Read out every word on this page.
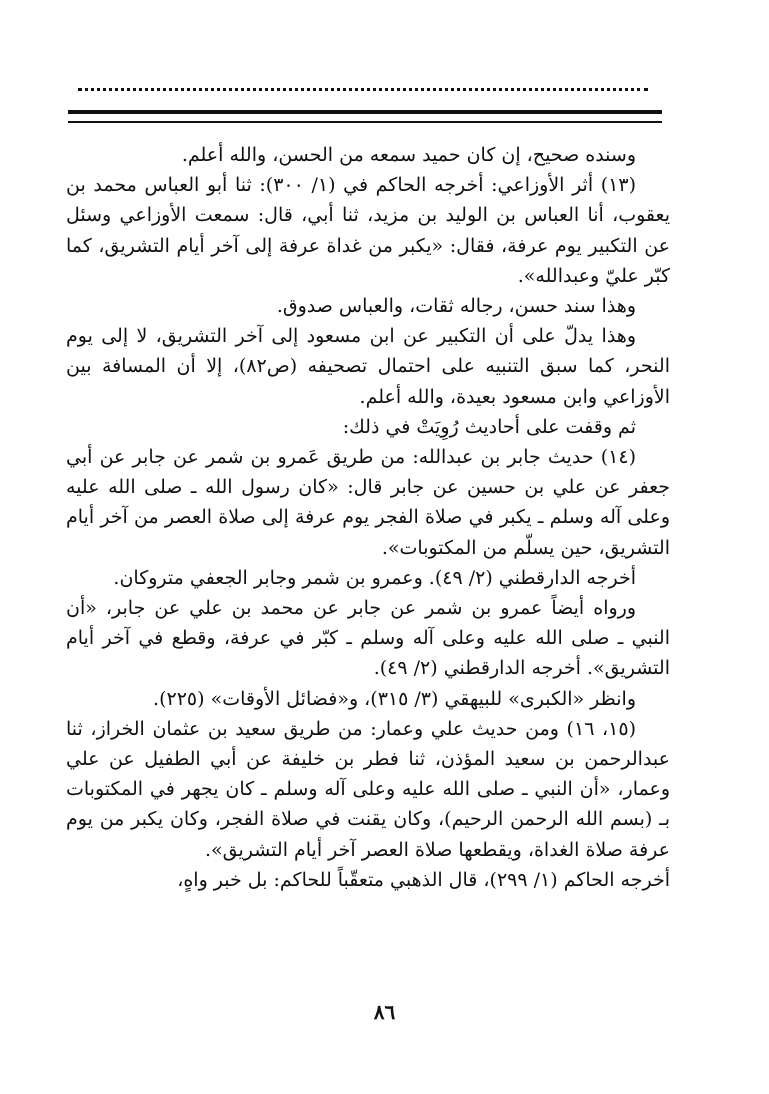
وسنده صحيح، إن كان حميد سمعه من الحسن، والله أعلم.

(١٣) أثر الأوزاعي: أخرجه الحاكم في (١/ ٣٠٠): ثنا أبو العباس محمد بن يعقوب، أنا العباس بن الوليد بن مزيد، ثنا أبي، قال: سمعت الأوزاعي وسئل عن التكبير يوم عرفة، فقال: «يكبر من غداة عرفة إلى آخر أيام التشريق، كما كبّر عليّ وعبدالله».

وهذا سند حسن، رجاله ثقات، والعباس صدوق.

وهذا يدلّ على أن التكبير عن ابن مسعود إلى آخر التشريق، لا إلى يوم النحر، كما سبق التنبيه على احتمال تصحيفه (ص٨٢)، إلا أن المسافة بين الأوزاعي وابن مسعود بعيدة، والله أعلم.

ثم وقفت على أحاديث رُوِيَتْ في ذلك:

(١٤) حديث جابر بن عبدالله: من طريق عَمرو بن شمر عن جابر عن أبي جعفر عن علي بن حسين عن جابر قال: «كان رسول الله ـ صلى الله عليه وعلى آله وسلم ـ يكبر في صلاة الفجر يوم عرفة إلى صلاة العصر من آخر أيام التشريق، حين يسلّم من المكتوبات».

أخرجه الدارقطني (٢/ ٤٩). وعمرو بن شمر وجابر الجعفي متروكان.

ورواه أيضاً عمرو بن شمر عن جابر عن محمد بن علي عن جابر، «أن النبي ـ صلى الله عليه وعلى آله وسلم ـ كبّر في عرفة، وقطع في آخر أيام التشريق». أخرجه الدارقطني (٢/ ٤٩).

وانظر «الكبرى» للبيهقي (٣/ ٣١٥)، و«فضائل الأوقات» (٢٢٥).

(١٥، ١٦) ومن حديث علي وعمار: من طريق سعيد بن عثمان الخراز، ثنا عبدالرحمن بن سعيد المؤذن، ثنا فطر بن خليفة عن أبي الطفيل عن علي وعمار، «أن النبي ـ صلى الله عليه وعلى آله وسلم ـ كان يجهر في المكتوبات بـ (بسم الله الرحمن الرحيم)، وكان يقنت في صلاة الفجر، وكان يكبر من يوم عرفة صلاة الغداة، ويقطعها صلاة العصر آخر أيام التشريق».

أخرجه الحاكم (١/ ٢٩٩)، قال الذهبي متعقّباً للحاكم: بل خبر واهٍ،

٨٦
